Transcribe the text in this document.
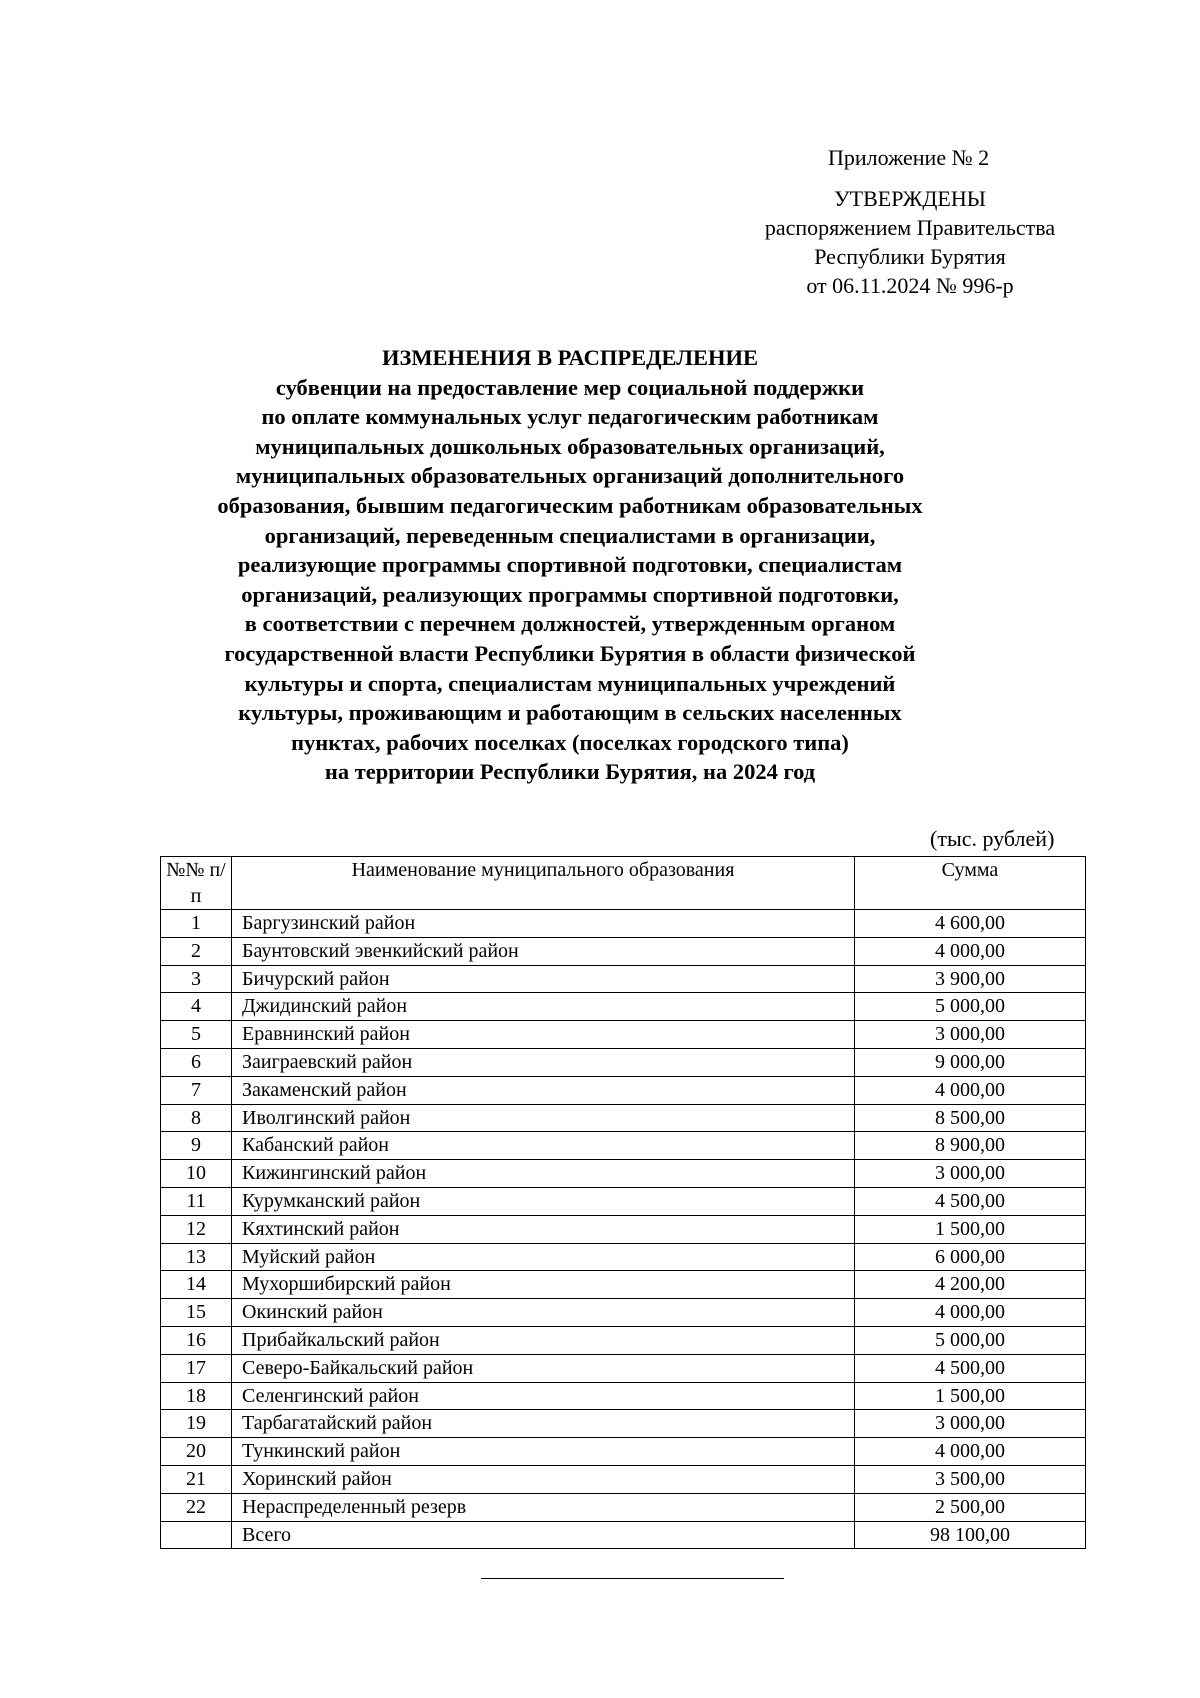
Приложение № 2
УТВЕРЖДЕНЫ
распоряжением Правительства
Республики Бурятия
от 06.11.2024 № 996-р
ИЗМЕНЕНИЯ В РАСПРЕДЕЛЕНИЕ
субвенции на предоставление мер социальной поддержки
по оплате коммунальных услуг педагогическим работникам
муниципальных дошкольных образовательных организаций,
муниципальных образовательных организаций дополнительного
образования, бывшим педагогическим работникам образовательных
организаций, переведенным специалистами в организации,
реализующие программы спортивной подготовки, специалистам
организаций, реализующих программы спортивной подготовки,
в соответствии с перечнем должностей, утвержденным органом
государственной власти Республики Бурятия в области физической
культуры и спорта, специалистам муниципальных учреждений
культуры, проживающим и работающим в сельских населенных
пунктах, рабочих поселках (поселках городского типа)
на территории Республики Бурятия, на 2024 год
(тыс. рублей)
№№ п/п	Наименование муниципального образования	Сумма
1	Баргузинский район	4 600,00
2	Баунтовский эвенкийский район	4 000,00
3	Бичурский район	3 900,00
4	Джидинский район	5 000,00
5	Еравнинский район	3 000,00
6	Заиграевский район	9 000,00
7	Закаменский район	4 000,00
8	Иволгинский район	8 500,00
9	Кабанский район	8 900,00
10	Кижингинский район	3 000,00
11	Курумканский район	4 500,00
12	Кяхтинский район	1 500,00
13	Муйский район	6 000,00
14	Мухоршибирский район	4 200,00
15	Окинский район	4 000,00
16	Прибайкальский район	5 000,00
17	Северо-Байкальский район	4 500,00
18	Селенгинский район	1 500,00
19	Тарбагатайский район	3 000,00
20	Тункинский район	4 000,00
21	Хоринский район	3 500,00
22	Нераспределенный резерв	2 500,00
	Всего	98 100,00
